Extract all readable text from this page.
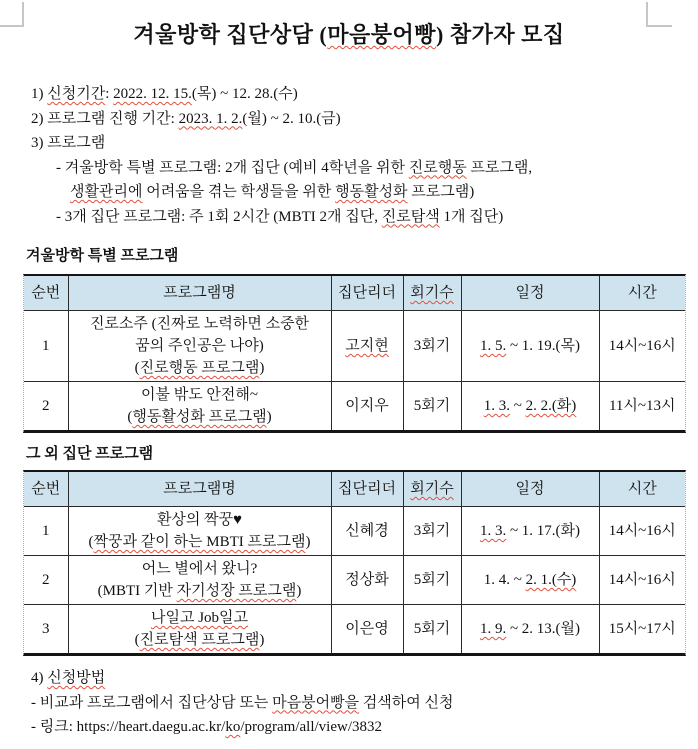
겨울방학 집단상담 (마음붕어빵) 참가자 모집
1) 신청기간: 2022. 12. 15.(목) ~ 12. 28.(수)
2) 프로그램 진행 기간: 2023. 1. 2.(월) ~ 2. 10.(금)
3) 프로그램
- 겨울방학 특별 프로그램: 2개 집단 (예비 4학년을 위한 진로행동 프로그램,
생활관리에 어려움을 겪는 학생들을 위한 행동활성화 프로그램)
- 3개 집단 프로그램: 주 1회 2시간 (MBTI 2개 집단, 진로탐색 1개 집단)
겨울방학 특별 프로그램
순번	프로그램명	집단리더	회기수	일정	시간
1	진로소주 (진짜로 노력하면 소중한
꿈의 주인공은 나야)
(진로행동 프로그램)	고지현	3회기	1. 5. ~ 1. 19.(목)	14시~16시
2	이불 밖도 안전해~
(행동활성화 프로그램)	이지우	5회기	1. 3. ~ 2. 2.(화)	11시~13시
그 외 집단 프로그램
순번	프로그램명	집단리더	회기수	일정	시간
1	환상의 짝꿍♥
(짝꿍과 같이 하는 MBTI 프로그램)	신혜경	3회기	1. 3. ~ 1. 17.(화)	14시~16시
2	어느 별에서 왔니?
(MBTI 기반 자기성장 프로그램)	정상화	5회기	1. 4. ~ 2. 1.(수)	14시~16시
3	나일고 Job일고
(진로탐색 프로그램)	이은영	5회기	1. 9. ~ 2. 13.(월)	15시~17시
4) 신청방법
- 비교과 프로그램에서 집단상담 또는 마음붕어빵을 검색하여 신청
- 링크: https://heart.daegu.ac.kr/ko/program/all/view/3832
